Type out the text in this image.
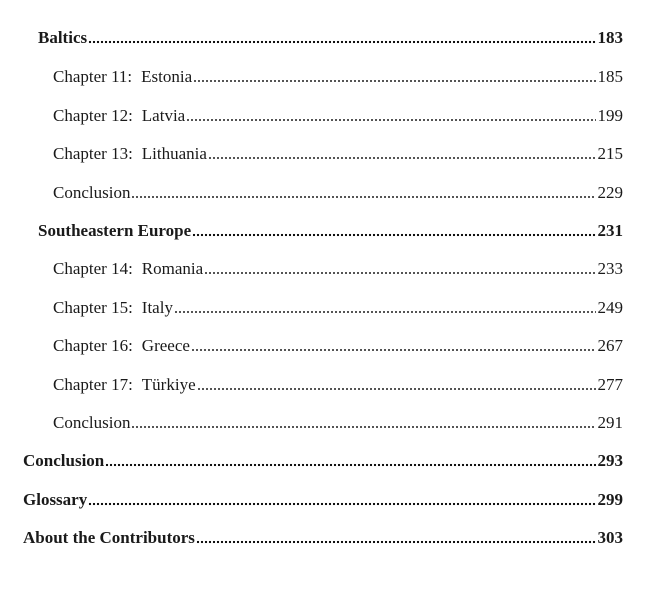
Baltics	183
Chapter 11: Estonia	185
Chapter 12: Latvia	199
Chapter 13: Lithuania	215
Conclusion	229
Southeastern Europe	231
Chapter 14: Romania	233
Chapter 15: Italy	249
Chapter 16: Greece	267
Chapter 17: Türkiye	277
Conclusion	291
Conclusion	293
Glossary	299
About the Contributors	303
